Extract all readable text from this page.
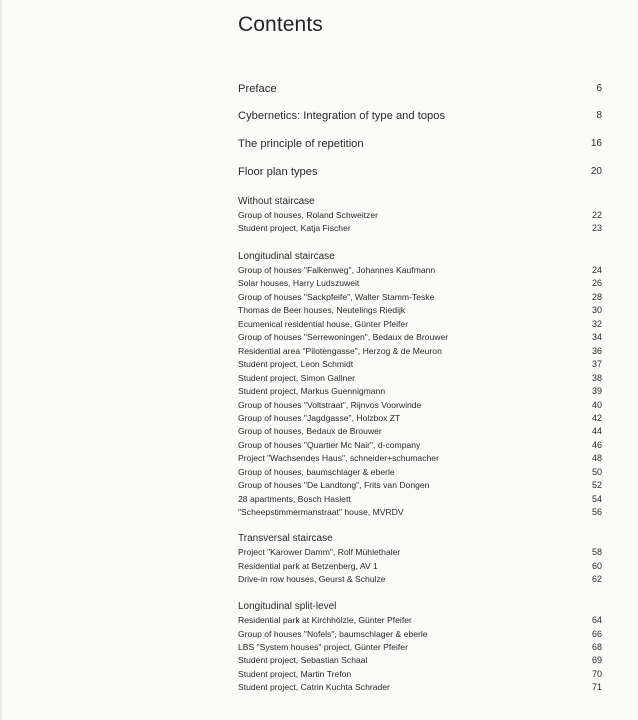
Contents
Preface	6
Cybernetics: Integration of type and topos	8
The principle of repetition	16
Floor plan types	20
Without staircase
Group of houses, Roland Schweitzer	22
Student project, Katja Fischer	23
Longitudinal staircase
Group of houses "Falkenweg", Johannes Kaufmann	24
Solar houses, Harry Ludszuweit	26
Group of houses "Sackpfeife", Walter Stamm-Teske	28
Thomas de Beer houses, Neutelings Riedijk	30
Ecumenical residential house, Günter Pfeifer	32
Group of houses "Serrewoningen", Bedaux de Brouwer	34
Residential area "Pilotengasse", Herzog & de Meuron	36
Student project, Leon Schmidt	37
Student project, Simon Gallner	38
Student project, Markus Guennigmann	39
Group of houses "Voltstraat", Rijnvos Voorwinde	40
Group of houses "Jagdgasse", Holzbox ZT	42
Group of houses, Bedaux de Brouwer	44
Group of houses "Quartier Mc Nair", d-company	46
Project "Wachsendes Haus", schneider+schumacher	48
Group of houses, baumschlager & eberle	50
Group of houses "De Landtong", Frits van Dongen	52
28 apartments, Bosch Haslett	54
"Scheepstimmermanstraat" house, MVRDV	56
Transversal staircase
Project "Karower Damm", Rolf Mühlethaler	58
Residential park at Betzenberg, AV 1	60
Drive-in row houses, Geurst & Schulze	62
Longitudinal split-level
Residential park at Kirchhölzle, Günter Pfeifer	64
Group of houses "Nofels", baumschlager & eberle	66
LBS "System houses" project, Günter Pfeifer	68
Student project, Sebastian Schaal	69
Student project, Martin Trefon	70
Student project, Catrin Kuchta Schrader	71
